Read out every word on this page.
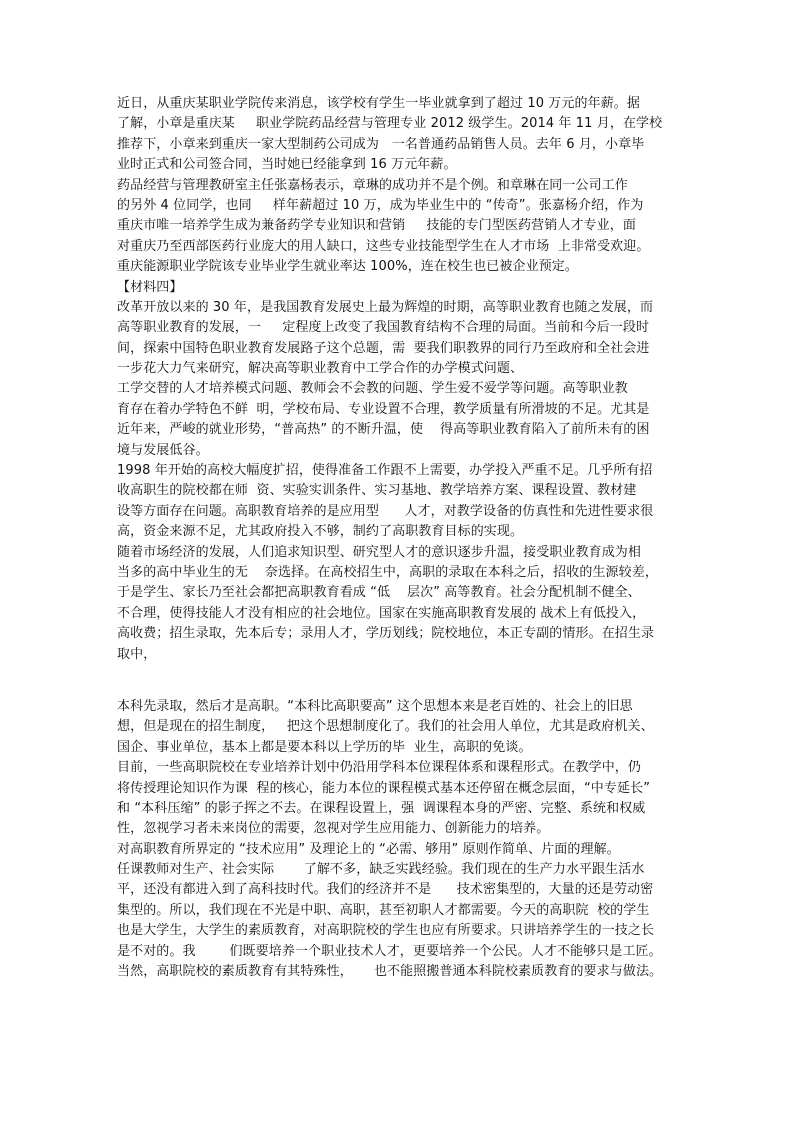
近日，从重庆某职业学院传来消息，该学校有学生一毕业就拿到了超过 10 万元的年薪。据
了解，小章是重庆某     职业学院药品经营与管理专业 2012 级学生。2014 年 11 月，在学校
推荐下，小章来到重庆一家大型制药公司成为   一名普通药品销售人员。去年 6 月，小章毕
业时正式和公司签合同，当时她已经能拿到 16 万元年薪。
药品经营与管理教研室主任张嘉杨表示，章琳的成功并不是个例。和章琳在同一公司工作
的另外 4 位同学，也同     样年薪超过 10 万，成为毕业生中的 “传奇”。张嘉杨介绍，作为
重庆市唯一培养学生成为兼备药学专业知识和营销     技能的专门型医药营销人才专业，面
对重庆乃至西部医药行业庞大的用人缺口，这些专业技能型学生在人才市场  上非常受欢迎。
重庆能源职业学院该专业毕业学生就业率达 100%，连在校生也已被企业预定。
【材料四】
改革开放以来的 30 年，是我国教育发展史上最为辉煌的时期，高等职业教育也随之发展，而
高等职业教育的发展，一     定程度上改变了我国教育结构不合理的局面。当前和今后一段时
间，探索中国特色职业教育发展路子这个总题，需  要我们职教界的同行乃至政府和全社会进
一步花大力气来研究，解决高等职业教育中工学合作的办学模式问题、
工学交替的人才培养模式问题、教师会不会教的问题、学生爱不爱学等问题。高等职业教
育存在着办学特色不鲜  明，学校布局、专业设置不合理，教学质量有所滑坡的不足。尤其是
近年来，严峻的就业形势，“普高热” 的不断升温，使    得高等职业教育陷入了前所未有的困
境与发展低谷。
1998 年开始的高校大幅度扩招，使得准备工作跟不上需要，办学投入严重不足。几乎所有招
收高职生的院校都在师  资、实验实训条件、实习基地、教学培养方案、课程设置、教材建
设等方面存在问题。高职教育培养的是应用型      人才，对教学设备的仿真性和先进性要求很
高，资金来源不足，尤其政府投入不够，制约了高职教育目标的实现。
随着市场经济的发展，人们追求知识型、研究型人才的意识逐步升温，接受职业教育成为相
当多的高中毕业生的无    奈选择。在高校招生中，高职的录取在本科之后，招收的生源较差，
于是学生、家长乃至社会都把高职教育看成 “低    层次” 高等教育。社会分配机制不健全、
不合理，使得技能人才没有相应的社会地位。国家在实施高职教育发展的 战术上有低投入，
高收费；招生录取，先本后专；录用人才，学历划线；院校地位，本正专副的情形。在招生录
取中，
本科先录取，然后才是高职。“本科比高职要高” 这个思想本来是老百姓的、社会上的旧思
想，但是现在的招生制度，   把这个思想制度化了。我们的社会用人单位，尤其是政府机关、
国企、事业单位，基本上都是要本科以上学历的毕  业生，高职的免谈。
目前，一些高职院校在专业培养计划中仍沿用学科本位课程体系和课程形式。在教学中，仍
将传授理论知识作为课  程的核心，能力本位的课程模式基本还停留在概念层面，“中专延长”
和 “本科压缩” 的影子挥之不去。在课程设置上，强  调课程本身的严密、完整、系统和权威
性，忽视学习者未来岗位的需要，忽视对学生应用能力、创新能力的培养。
对高职教育所界定的 “技术应用” 及理论上的 “必需、够用” 原则作简单、片面的理解。
任课教师对生产、社会实际       了解不多，缺乏实践经验。我们现在的生产力水平跟生活水
平，还没有都进入到了高科技时代。我们的经济并不是      技术密集型的，大量的还是劳动密
集型的。所以，我们现在不光是中职、高职，甚至初职人才都需要。今天的高职院  校的学生
也是大学生，大学生的素质教育，对高职院校的学生也应有所要求。只讲培养学生的一技之长
是不对的。我        们既要培养一个职业技术人才，更要培养一个公民。人才不能够只是工匠。
当然，高职院校的素质教育有其特殊性，     也不能照搬普通本科院校素质教育的要求与做法。
